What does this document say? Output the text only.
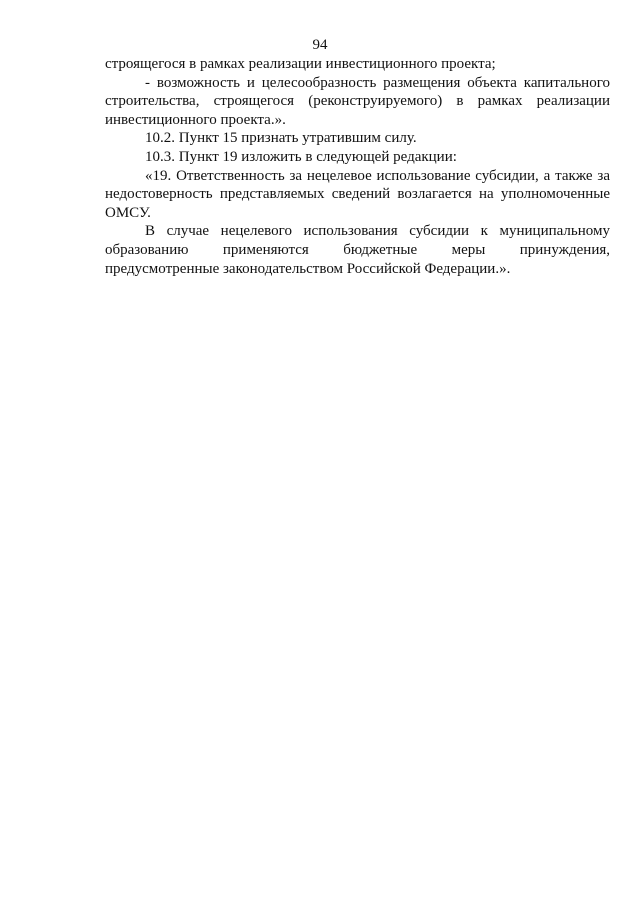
94

строящегося в рамках реализации инвестиционного проекта;

- возможность и целесообразность размещения объекта капитального строительства, строящегося (реконструируемого) в рамках реализации инвестиционного проекта.».

10.2. Пункт 15 признать утратившим силу.

10.3. Пункт 19 изложить в следующей редакции:

«19. Ответственность за нецелевое использование субсидии, а также за недостоверность представляемых сведений возлагается на уполномоченные ОМСУ.

В случае нецелевого использования субсидии к муниципальному

образованию применяются бюджетные меры принуждения,

предусмотренные законодательством Российской Федерации.».
